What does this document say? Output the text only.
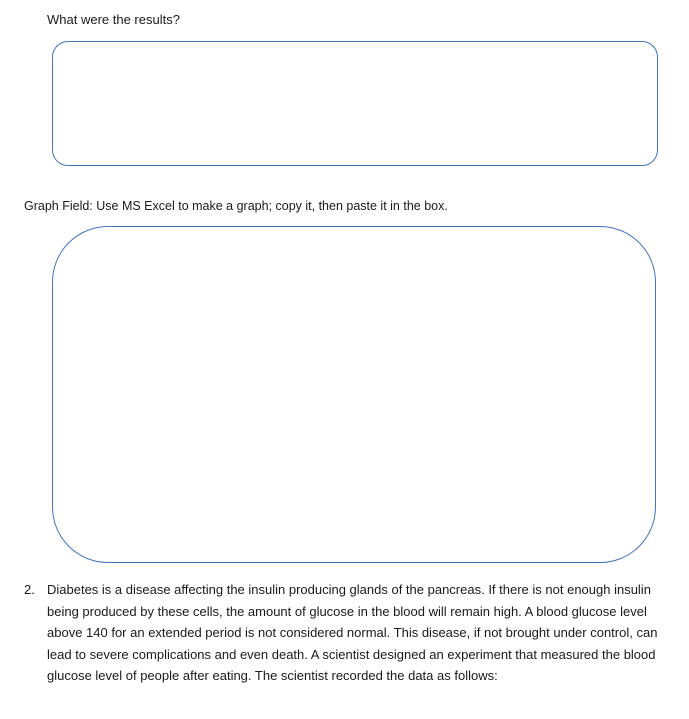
What were the results?
Graph Field: Use MS Excel to make a graph; copy it, then paste it in the box.
2. Diabetes is a disease affecting the insulin producing glands of the pancreas. If there is not enough insulin being produced by these cells, the amount of glucose in the blood will remain high. A blood glucose level above 140 for an extended period is not considered normal. This disease, if not brought under control, can lead to severe complications and even death. A scientist designed an experiment that measured the blood glucose level of people after eating. The scientist recorded the data as follows:
